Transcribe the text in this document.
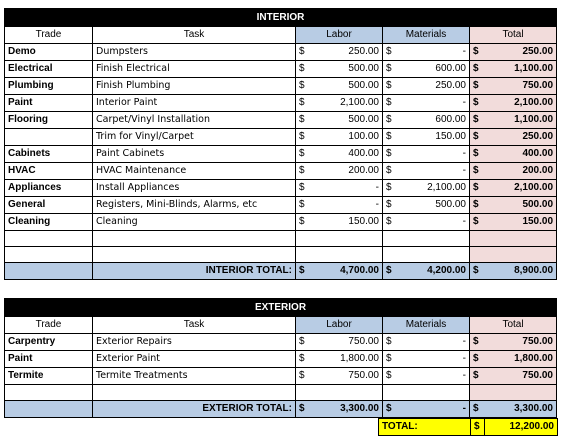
INTERIOR							
Trade	Task	Labor		Materials		Total	
Demo	Dumpsters	$	250.00	$	-	$	250.00
Electrical	Finish Electrical	$	500.00	$	600.00	$	1,100.00
Plumbing	Finish Plumbing	$	500.00	$	250.00	$	750.00
Paint	Interior Paint	$	2,100.00	$	-	$	2,100.00
Flooring	Carpet/Vinyl Installation	$	500.00	$	600.00	$	1,100.00
	Trim for Vinyl/Carpet	$	100.00	$	150.00	$	250.00
Cabinets	Paint Cabinets	$	400.00	$	-	$	400.00
HVAC	HVAC Maintenance	$	200.00	$	-	$	200.00
Appliances	Install Appliances	$	-	$	2,100.00	$	2,100.00
General	Registers, Mini-Blinds, Alarms, etc	$	-	$	500.00	$	500.00
Cleaning	Cleaning	$	150.00	$	-	$	150.00

	INTERIOR TOTAL:	$	4,700.00	$	4,200.00	$	8,900.00
EXTERIOR							
Trade	Task	Labor		Materials		Total	
Carpentry	Exterior Repairs	$	750.00	$	-	$	750.00
Paint	Exterior Paint	$	1,800.00	$	-	$	1,800.00
Termite	Termite Treatments	$	750.00	$	-	$	750.00

	EXTERIOR TOTAL:	$	3,300.00	$	-	$	3,300.00
TOTAL:	$	12,200.00
